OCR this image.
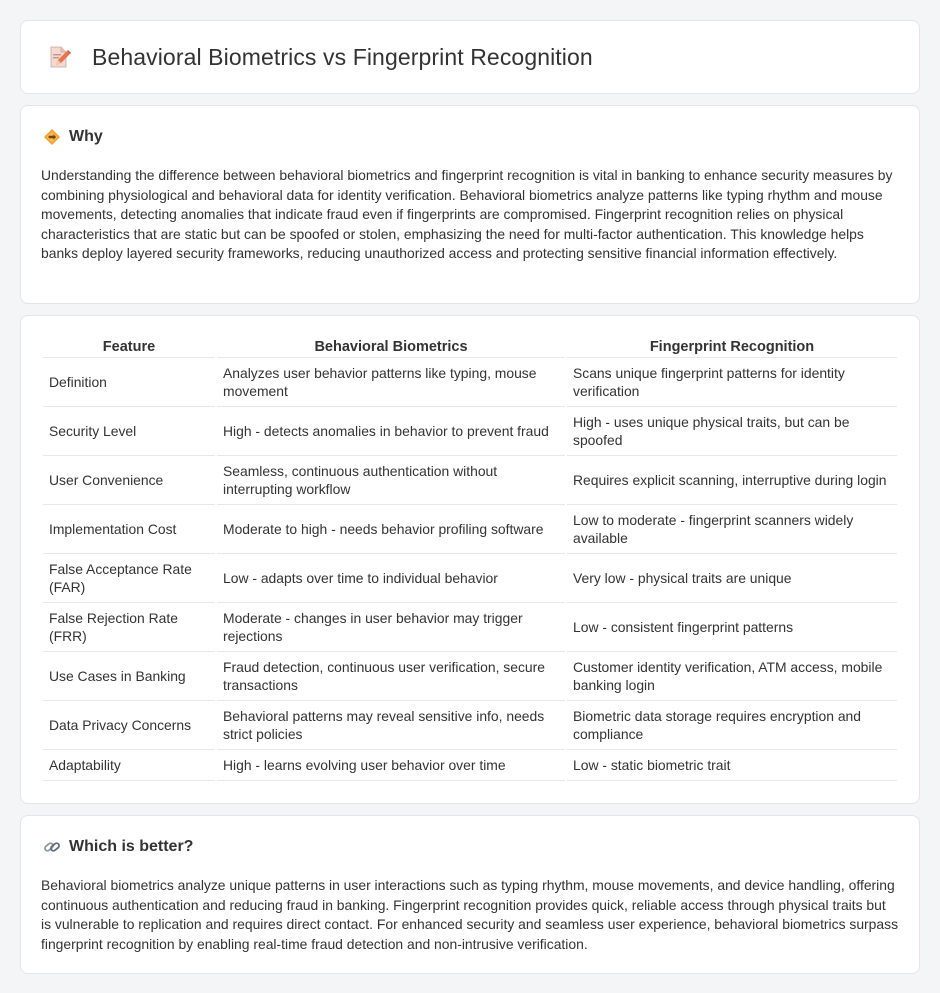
Behavioral Biometrics vs Fingerprint Recognition
Why

Understanding the difference between behavioral biometrics and fingerprint recognition is vital in banking to enhance security measures by combining physiological and behavioral data for identity verification. Behavioral biometrics analyze patterns like typing rhythm and mouse movements, detecting anomalies that indicate fraud even if fingerprints are compromised. Fingerprint recognition relies on physical characteristics that are static but can be spoofed or stolen, emphasizing the need for multi-factor authentication. This knowledge helps banks deploy layered security frameworks, reducing unauthorized access and protecting sensitive financial information effectively.

Feature	Behavioral Biometrics	Fingerprint Recognition
Definition	Analyzes user behavior patterns like typing, mouse movement	Scans unique fingerprint patterns for identity verification
Security Level	High - detects anomalies in behavior to prevent fraud	High - uses unique physical traits, but can be spoofed
User Convenience	Seamless, continuous authentication without interrupting workflow	Requires explicit scanning, interruptive during login
Implementation Cost	Moderate to high - needs behavior profiling software	Low to moderate - fingerprint scanners widely available
False Acceptance Rate (FAR)	Low - adapts over time to individual behavior	Very low - physical traits are unique
False Rejection Rate (FRR)	Moderate - changes in user behavior may trigger rejections	Low - consistent fingerprint patterns
Use Cases in Banking	Fraud detection, continuous user verification, secure transactions	Customer identity verification, ATM access, mobile banking login
Data Privacy Concerns	Behavioral patterns may reveal sensitive info, needs strict policies	Biometric data storage requires encryption and compliance
Adaptability	High - learns evolving user behavior over time	Low - static biometric trait
Which is better?

Behavioral biometrics analyze unique patterns in user interactions such as typing rhythm, mouse movements, and device handling, offering continuous authentication and reducing fraud in banking. Fingerprint recognition provides quick, reliable access through physical traits but is vulnerable to replication and requires direct contact. For enhanced security and seamless user experience, behavioral biometrics surpass fingerprint recognition by enabling real-time fraud detection and non-intrusive verification.
